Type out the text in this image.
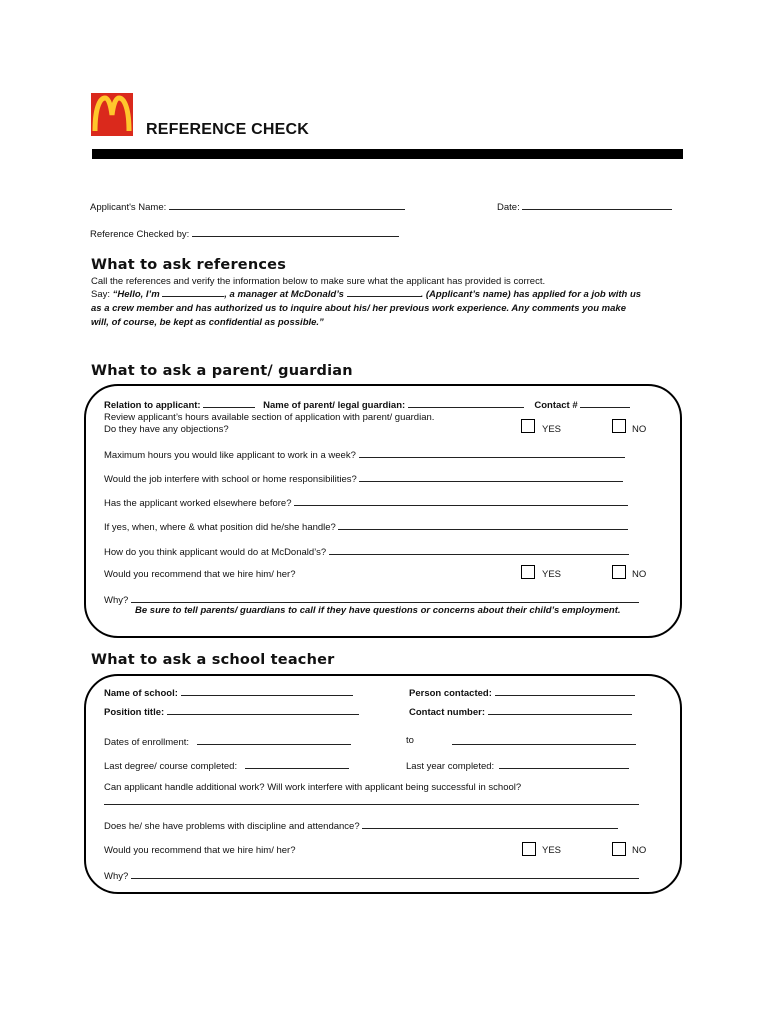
REFERENCE CHECK
Applicant's Name:	Date:
Reference Checked by:
What to ask references
Call the references and verify the information below to make sure what the applicant has provided is correct.
Say: “Hello, I’m	, a manager at McDonald’s	. (Applicant’s name) has applied for a job with us
as a crew member and has authorized us to inquire about his/ her previous work experience. Any comments you make
will, of course, be kept as confidential as possible.”
What to ask a parent/ guardian
Relation to applicant:	Name of parent/ legal guardian:	Contact #
Review applicant’s hours available section of application with parent/ guardian.
Do they have any objections?	YES	NO
Maximum hours you would like applicant to work in a week?
Would the job interfere with school or home responsibilities?
Has the applicant worked elsewhere before?
If yes, when, where & what position did he/she handle?
How do you think applicant would do at McDonald’s?
Would you recommend that we hire him/ her?	YES	NO
Why?
Be sure to tell parents/ guardians to call if they have questions or concerns about their child’s employment.
What to ask a school teacher
Name of school:	Person contacted:
Position title:	Contact number:
Dates of enrollment:	to
Last degree/ course completed:	Last year completed:
Can applicant handle additional work? Will work interfere with applicant being successful in school?
Does he/ she have problems with discipline and attendance?
Would you recommend that we hire him/ her?	YES	NO
Why?
